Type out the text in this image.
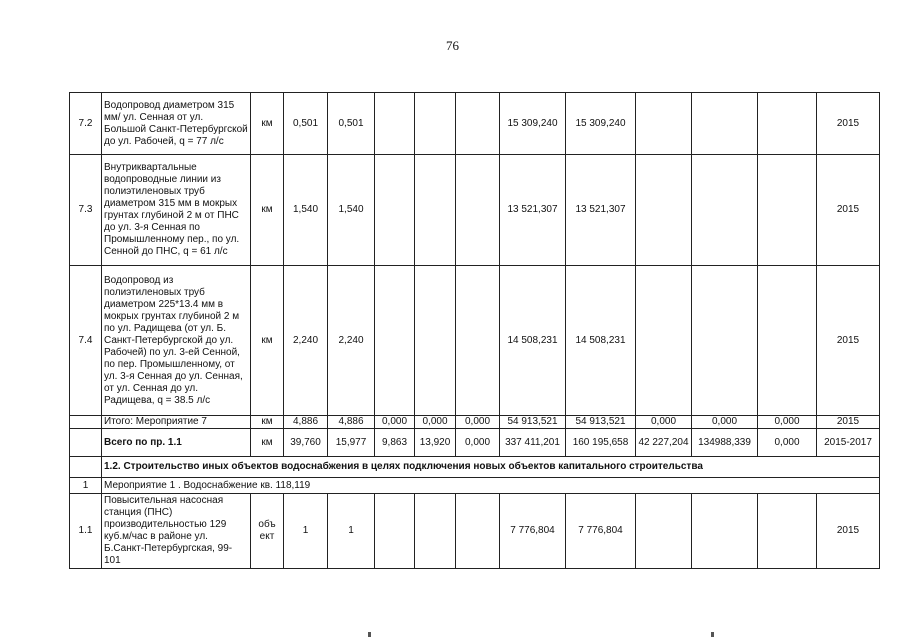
76
7.2	Водопровод диаметром 315 мм/ ул. Сенная от ул. Большой Санкт-Петербургской до ул. Рабочей, q = 77 л/с	км	0,501	0,501				15 309,240	15 309,240				2015
7.3	Внутриквартальные водопроводные линии из полиэтиленовых труб диаметром 315 мм в мокрых грунтах глубиной 2 м от ПНС до ул. 3-я Сенная по Промышленному пер., по ул. Сенной до ПНС, q = 61 л/с	км	1,540	1,540				13 521,307	13 521,307				2015
7.4	Водопровод из полиэтиленовых труб диаметром 225*13.4 мм в мокрых грунтах глубиной 2 м по ул. Радищева (от ул. Б. Санкт-Петербургской до ул. Рабочей) по ул. 3-ей Сенной, по пер. Промышленному, от ул. 3-я Сенная до ул. Сенная, от ул. Сенная до ул. Радищева, q = 38.5 л/с	км	2,240	2,240				14 508,231	14 508,231				2015
	Итого: Мероприятие 7	км	4,886	4,886	0,000	0,000	0,000	54 913,521	54 913,521	0,000	0,000	0,000	2015
	Всего по пр. 1.1	км	39,760	15,977	9,863	13,920	0,000	337 411,201	160 195,658	42 227,204	134988,339	0,000	2015-2017
	1.2. Строительство иных объектов водоснабжения в целях подключения новых объектов капитального строительства												
1	Мероприятие 1 . Водоснабжение кв. 118,119												
1.1	Повысительная насосная станция (ПНС) производительностью 129 куб.м/час в районе ул. Б.Санкт-Петербургская, 99-101	объ ект	1	1				7 776,804	7 776,804				2015
